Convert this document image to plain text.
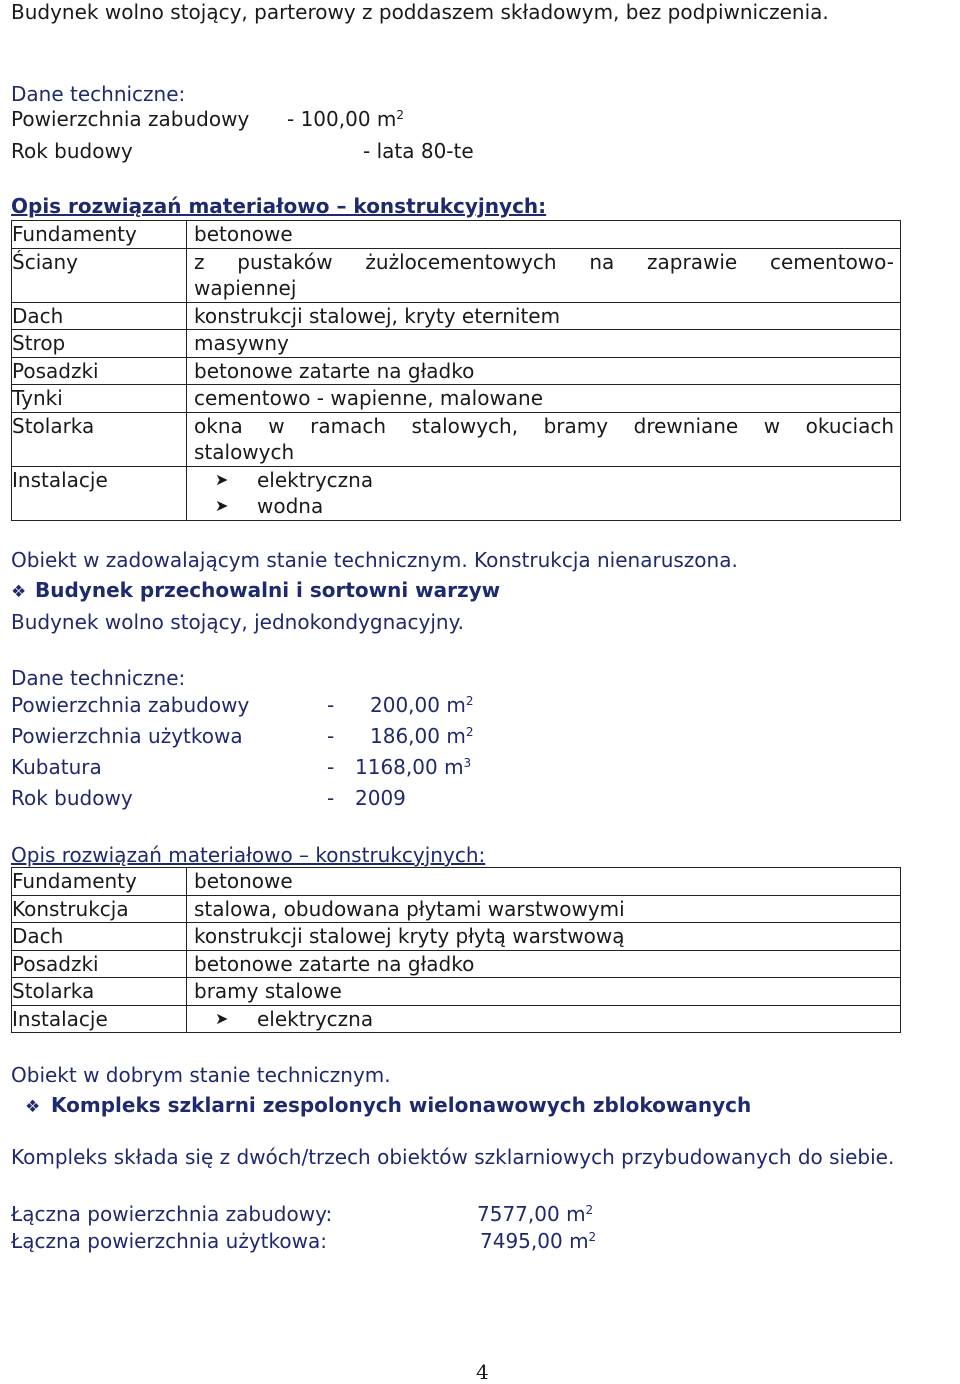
Budynek wolno stojący, parterowy z poddaszem składowym, bez podpiwniczenia.
Dane techniczne:
Powierzchnia zabudowy - 100,00 $m^2$
Rok budowy	- lata 80-te
Opis rozwiązań materiałowo – konstrukcyjnych:
Fundamenty	betonowe
Ściany	z pustaków żużlocementowych na zaprawie cementowo-
wapiennej

Dach	konstrukcji stalowej, kryty eternitem
Strop	masywny
Posadzki	betonowe zatarte na gładko
Tynki	cementowo - wapienne, malowane
Stolarka	okna w ramach stalowych, bramy drewniane w okuciach
stalowych

Instalacje	➤ elektryczna
➤ wodna
Obiekt w zadowalającym stanie technicznym. Konstrukcja nienaruszona.
❖ Budynek przechowalni i sortowni warzyw
Budynek wolno stojący, jednokondygnacyjny.
Dane techniczne:
Powierzchnia zabudowy	- 200,00 $m^2$
Powierzchnia użytkowa	- 186,00 $m^2$
Kubatura	- 1168,00 $m^3$
Rok budowy	- 2009
Opis rozwiązań materiałowo – konstrukcyjnych:
Fundamenty	betonowe
Konstrukcja	stalowa, obudowana płytami warstwowymi
Dach	konstrukcji stalowej kryty płytą warstwową
Posadzki	betonowe zatarte na gładko
Stolarka	bramy stalowe
Instalacje	➤ elektryczna
Obiekt w dobrym stanie technicznym.
❖ Kompleks szklarni zespolonych wielonawowych zblokowanych
Kompleks składa się z dwóch/trzech obiektów szklarniowych przybudowanych do siebie.
Łączna powierzchnia zabudowy:	7577,00 $m^2$
Łączna powierzchnia użytkowa:	7495,00 $m^2$
4
